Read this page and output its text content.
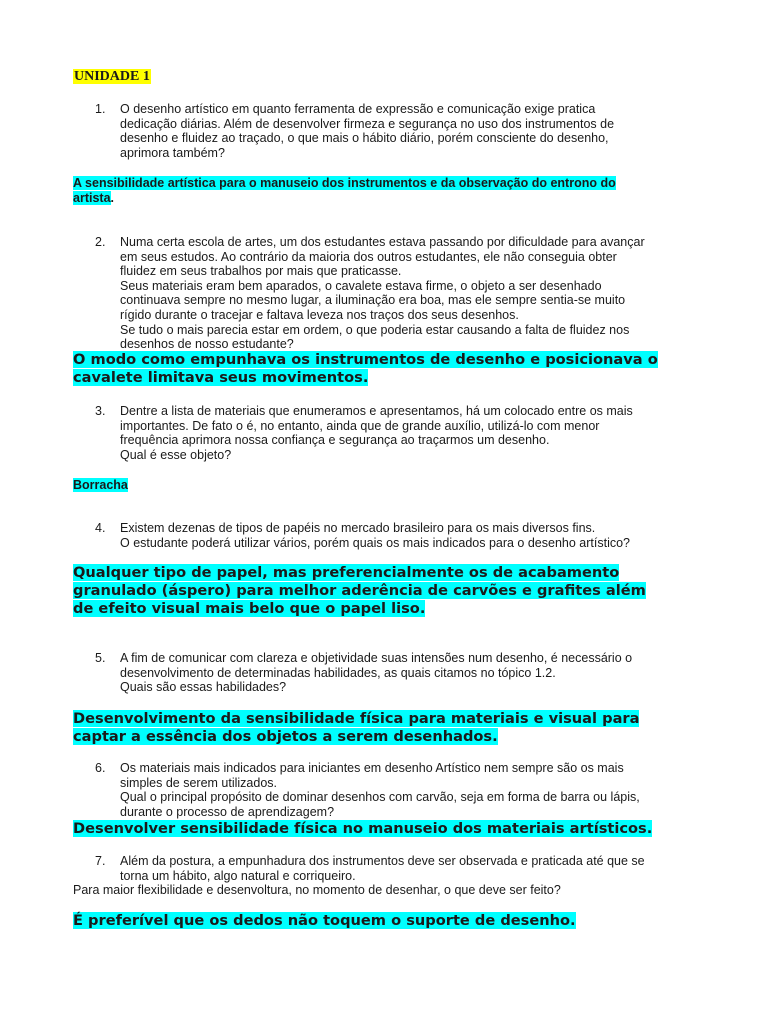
UNIDADE 1
1.	O desenho artístico em quanto ferramenta de expressão e comunicação exige pratica
dedicação diárias. Além de desenvolver firmeza e segurança no uso dos instrumentos de
desenho e fluidez ao traçado, o que mais o hábito diário, porém consciente do desenho,
aprimora também?
A sensibilidade artística para o manuseio dos instrumentos e da observação do entrono do
artista.
2.	Numa certa escola de artes, um dos estudantes estava passando por dificuldade para avançar
em seus estudos. Ao contrário da maioria dos outros estudantes, ele não conseguia obter
fluidez em seus trabalhos por mais que praticasse.
Seus materiais eram bem aparados, o cavalete estava firme, o objeto a ser desenhado
continuava sempre no mesmo lugar, a iluminação era boa, mas ele sempre sentia-se muito
rígido durante o tracejar e faltava leveza nos traços dos seus desenhos.
Se tudo o mais parecia estar em ordem, o que poderia estar causando a falta de fluidez nos
desenhos de nosso estudante?
O modo como empunhava os instrumentos de desenho e posicionava o
cavalete limitava seus movimentos.
3.	Dentre a lista de materiais que enumeramos e apresentamos, há um colocado entre os mais
importantes. De fato o é, no entanto, ainda que de grande auxílio, utilizá-lo com menor
frequência aprimora nossa confiança e segurança ao traçarmos um desenho.
Qual é esse objeto?
Borracha
4.	Existem dezenas de tipos de papéis no mercado brasileiro para os mais diversos fins.
O estudante poderá utilizar vários, porém quais os mais indicados para o desenho artístico?
Qualquer tipo de papel, mas preferencialmente os de acabamento
granulado (áspero) para melhor aderência de carvões e grafites além
de efeito visual mais belo que o papel liso.
5.	A fim de comunicar com clareza e objetividade suas intensões num desenho, é necessário o
desenvolvimento de determinadas habilidades, as quais citamos no tópico 1.2.
Quais são essas habilidades?
Desenvolvimento da sensibilidade física para materiais e visual para
captar a essência dos objetos a serem desenhados.
6.	Os materiais mais indicados para iniciantes em desenho Artístico nem sempre são os mais
simples de serem utilizados.
Qual o principal propósito de dominar desenhos com carvão, seja em forma de barra ou lápis,
durante o processo de aprendizagem?
Desenvolver sensibilidade física no manuseio dos materiais artísticos.
7.	Além da postura, a empunhadura dos instrumentos deve ser observada e praticada até que se
torna um hábito, algo natural e corriqueiro.
Para maior flexibilidade e desenvoltura, no momento de desenhar, o que deve ser feito?
É preferível que os dedos não toquem o suporte de desenho.
